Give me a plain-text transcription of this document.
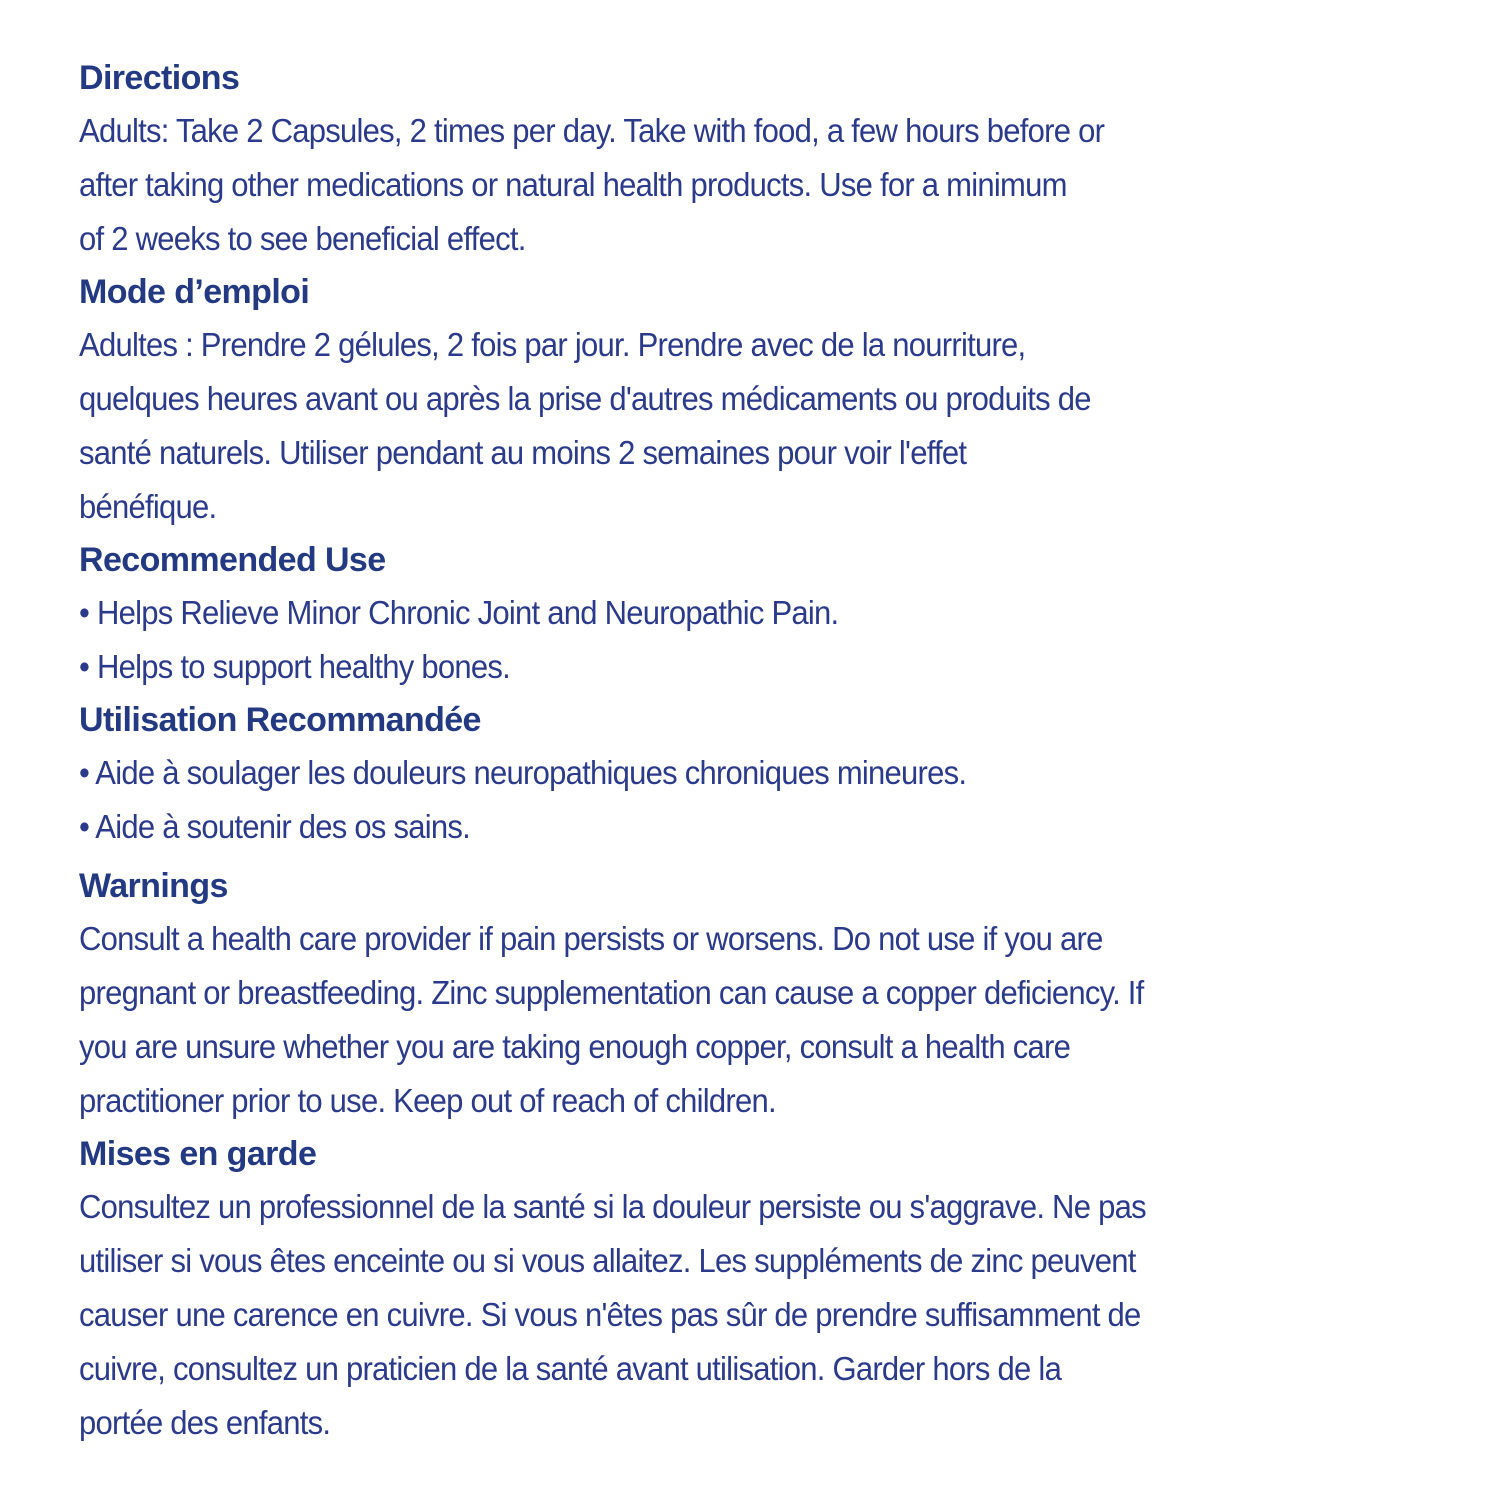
Directions
Adults: Take 2 Capsules, 2 times per day. Take with food, a few hours before or
after taking other medications or natural health products. Use for a minimum
of 2 weeks to see beneficial effect.
Mode d’emploi
Adultes : Prendre 2 gélules, 2 fois par jour. Prendre avec de la nourriture,
quelques heures avant ou après la prise d'autres médicaments ou produits de
santé naturels. Utiliser pendant au moins 2 semaines pour voir l'effet
bénéfique.
Recommended Use
• Helps Relieve Minor Chronic Joint and Neuropathic Pain.
• Helps to support healthy bones.
Utilisation Recommandée
• Aide à soulager les douleurs neuropathiques chroniques mineures.
• Aide à soutenir des os sains.
Warnings
Consult a health care provider if pain persists or worsens. Do not use if you are
pregnant or breastfeeding. Zinc supplementation can cause a copper deficiency. If
you are unsure whether you are taking enough copper, consult a health care
practitioner prior to use. Keep out of reach of children.
Mises en garde
Consultez un professionnel de la santé si la douleur persiste ou s'aggrave. Ne pas
utiliser si vous êtes enceinte ou si vous allaitez. Les suppléments de zinc peuvent
causer une carence en cuivre. Si vous n'êtes pas sûr de prendre suffisamment de
cuivre, consultez un praticien de la santé avant utilisation. Garder hors de la
portée des enfants.
